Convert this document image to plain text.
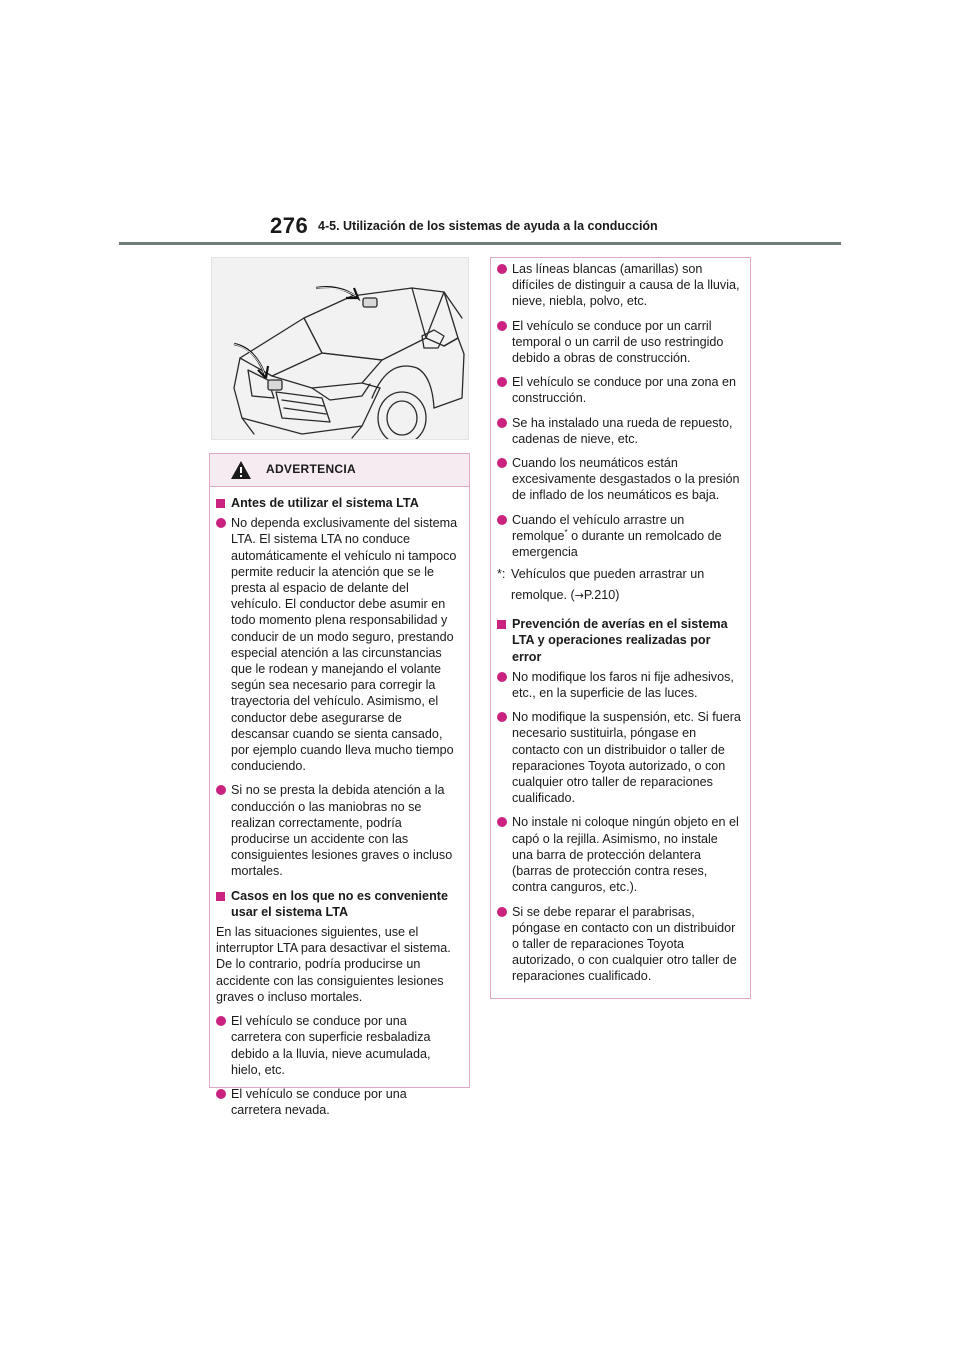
276 4-5. Utilización de los sistemas de ayuda a la conducción
ADVERTENCIA
Antes de utilizar el sistema LTA
No dependa exclusivamente del sistema LTA. El sistema LTA no conduce automáticamente el vehículo ni tampoco permite reducir la atención que se le presta al espacio de delante del vehículo. El conductor debe asumir en todo momento plena responsabilidad y conducir de un modo seguro, prestando especial atención a las circunstancias que le rodean y manejando el volante según sea necesario para corregir la trayectoria del vehículo. Asimismo, el conductor debe asegurarse de descansar cuando se sienta cansado, por ejemplo cuando lleva mucho tiempo conduciendo.
Si no se presta la debida atención a la conducción o las maniobras no se realizan correctamente, podría producirse un accidente con las consiguientes lesiones graves o incluso mortales.
Casos en los que no es conveniente usar el sistema LTA

En las situaciones siguientes, use el interruptor LTA para desactivar el sistema. De lo contrario, podría producirse un accidente con las consiguientes lesiones graves o incluso mortales.

El vehículo se conduce por una carretera con superficie resbaladiza debido a la lluvia, nieve acumulada, hielo, etc.
El vehículo se conduce por una carretera nevada.
Las líneas blancas (amarillas) son difíciles de distinguir a causa de la lluvia, nieve, niebla, polvo, etc.
El vehículo se conduce por un carril temporal o un carril de uso restringido debido a obras de construcción.
El vehículo se conduce por una zona en construcción.
Se ha instalado una rueda de repuesto, cadenas de nieve, etc.
Cuando los neumáticos están excesivamente desgastados o la presión de inflado de los neumáticos es baja.
Cuando el vehículo arrastre un remolque* o durante un remolcado de emergencia
*: Vehículos que pueden arrastrar un remolque. (→P.210)
Prevención de averías en el sistema LTA y operaciones realizadas por error
No modifique los faros ni fije adhesivos, etc., en la superficie de las luces.
No modifique la suspensión, etc. Si fuera necesario sustituirla, póngase en contacto con un distribuidor o taller de reparaciones Toyota autorizado, o con cualquier otro taller de reparaciones cualificado.
No instale ni coloque ningún objeto en el capó o la rejilla. Asimismo, no instale una barra de protección delantera (barras de protección contra reses, contra canguros, etc.).
Si se debe reparar el parabrisas, póngase en contacto con un distribuidor o taller de reparaciones Toyota autorizado, o con cualquier otro taller de reparaciones cualificado.
